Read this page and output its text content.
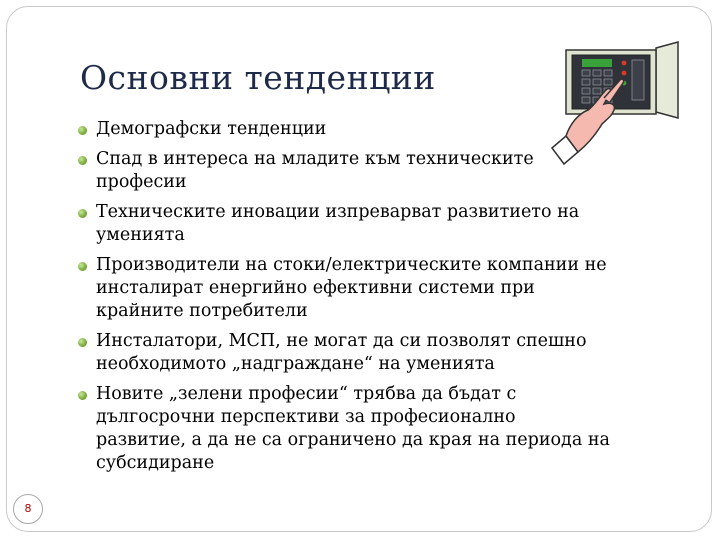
Основни тенденции
Демографски тенденции
Спад в интереса на младите към техническите
професии
Техническите иновации изпреварват развитието на
уменията
Производители на стоки/електрическите компании не
инсталират енергийно ефективни системи при
крайните потребители
Инсталатори, МСП, не могат да си позволят спешно
необходимото „надграждане“ на уменията
Новите „зелени професии“ трябва да бъдат с
дългосрочни перспективи за професионално
развитие, а да не са ограничено да края на периода на
субсидиране
8
